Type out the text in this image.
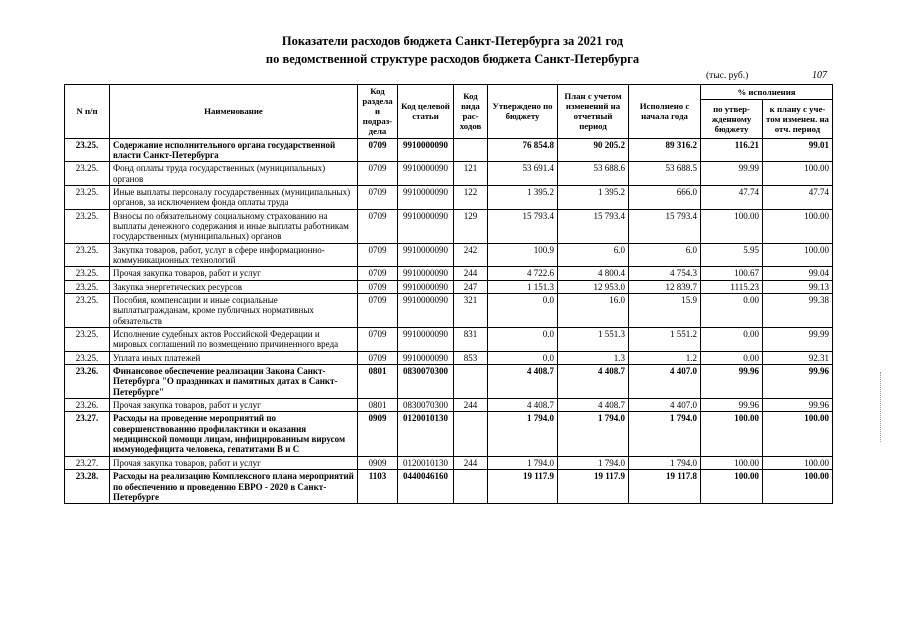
Показатели расходов бюджета Санкт-Петербурга за 2021 год
по ведомственной структуре расходов бюджета Санкт-Петербурга
(тыс. руб.)	107
N п/п	Наименование	Код раздела и подраз-дела	Код целевой статьи	Код вида рас-ходов	Утверждено по бюджету	План с учетом изменений на отчетный период	Исполнено с начала года	% исполнения	
								по утвер-жденному бюджету	к плану с уче-том изменен. на отч. период
23.25.	Содержание исполнительного органа государственной власти Санкт-Петербурга	0709	9910000090		76 854.8	90 205.2	89 316.2	116.21	99.01
23.25.	Фонд оплаты труда государственных (муниципальных) органов	0709	9910000090	121	53 691.4	53 688.6	53 688.5	99.99	100.00
23.25.	Иные выплаты персоналу государственных (муниципальных) органов, за исключением фонда оплаты труда	0709	9910000090	122	1 395.2	1 395.2	666.0	47.74	47.74
23.25.	Взносы по обязательному социальному страхованию на выплаты денежного содержания и иные выплаты работникам государственных (муниципальных) органов	0709	9910000090	129	15 793.4	15 793.4	15 793.4	100.00	100.00
23.25.	Закупка товаров, работ, услуг в сфере информационно-коммуникационных технологий	0709	9910000090	242	100.9	6.0	6.0	5.95	100.00
23.25.	Прочая закупка товаров, работ и услуг	0709	9910000090	244	4 722.6	4 800.4	4 754.3	100.67	99.04
23.25.	Закупка энергетических ресурсов	0709	9910000090	247	1 151.3	12 953.0	12 839.7	1115.23	99.13
23.25.	Пособия, компенсации и иные социальные выплатыгражданам, кроме публичных нормативных обязательств	0709	9910000090	321	0.0	16.0	15.9	0.00	99.38
23.25.	Исполнение судебных актов Российской Федерации и мировых соглашений по возмещению причиненного вреда	0709	9910000090	831	0.0	1 551.3	1 551.2	0.00	99.99
23.25.	Уплата иных платежей	0709	9910000090	853	0.0	1.3	1.2	0.00	92.31
23.26.	Финансовое обеспечение реализации Закона Санкт-Петербурга "О праздниках и памятных датах в Санкт-Петербурге"	0801	0830070300		4 408.7	4 408.7	4 407.0	99.96	99.96
23.26.	Прочая закупка товаров, работ и услуг	0801	0830070300	244	4 408.7	4 408.7	4 407.0	99.96	99.96
23.27.	Расходы на проведение мероприятий по совершенствованию профилактики и оказания медицинской помощи лицам, инфицированным вирусом иммунодефицита человека, гепатитами В и С	0909	0120010130		1 794.0	1 794.0	1 794.0	100.00	100.00
23.27.	Прочая закупка товаров, работ и услуг	0909	0120010130	244	1 794.0	1 794.0	1 794.0	100.00	100.00
23.28.	Расходы на реализацию Комплексного плана мероприятий по обеспечению и проведению ЕВРО - 2020 в Санкт-Петербурге	1103	0440046160		19 117.9	19 117.9	19 117.8	100.00	100.00
